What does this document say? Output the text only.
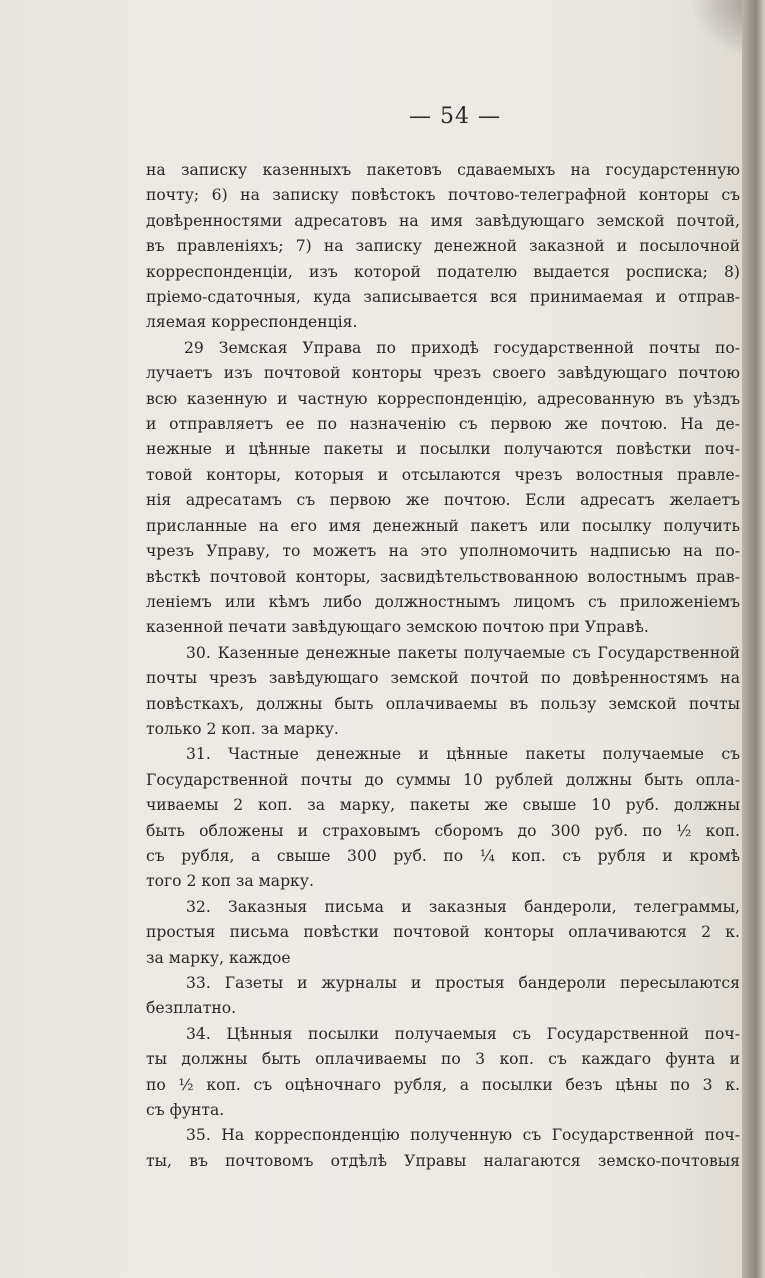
— 54 —
на записку казенныхъ пакетовъ сдаваемыхъ на государстенную
почту; 6) на записку повѣстокъ почтово-телеграфной конторы съ
довѣренностями адресатовъ на имя завѣдующаго земской почтой,
въ правленіяхъ; 7) на записку денежной заказной и посылочной
корреспонденціи, изъ которой подателю выдается росписка; 8)
пріемо-сдаточныя, куда записывается вся принимаемая и отправ-
ляемая корреспонденція.
29 Земская Управа по приходѣ государственной почты по-
лучаетъ изъ почтовой конторы чрезъ своего завѣдующаго почтою
всю казенную и частную корреспонденцію, адресованную въ уѣздъ
и отправляетъ ее по назначенію съ первою же почтою. На де-
нежные и цѣнные пакеты и посылки получаются повѣстки поч-
товой конторы, которыя и отсылаются чрезъ волостныя правле-
нія адресатамъ съ первою же почтою. Если адресатъ желаетъ
присланные на его имя денежный пакетъ или посылку получить
чрезъ Управу, то можетъ на это уполномочить надписью на по-
вѣсткѣ почтовой конторы, засвидѣтельствованною волостнымъ прав-
леніемъ или кѣмъ либо должностнымъ лицомъ съ приложеніемъ
казенной печати завѣдующаго земскою почтою при Управѣ.
30. Казенные денежные пакеты получаемые съ Государственной
почты чрезъ завѣдующаго земской почтой по довѣренностямъ на
повѣсткахъ, должны быть оплачиваемы въ пользу земской почты
только 2 коп. за марку.
31. Частные денежные и цѣнные пакеты получаемые съ
Государственной почты до суммы 10 рублей должны быть опла-
чиваемы 2 коп. за марку, пакеты же свыше 10 руб. должны
быть обложены и страховымъ сборомъ до 300 руб. по ½ коп.
съ рубля, а свыше 300 руб. по ¼ коп. съ рубля и кромѣ
того 2 коп за марку.
32. Заказныя письма и заказныя бандероли, телеграммы,
простыя письма повѣстки почтовой конторы оплачиваются 2 к.
за марку, каждое
33. Газеты и журналы и простыя бандероли пересылаются
безплатно.
34. Цѣнныя посылки получаемыя съ Государственной поч-
ты должны быть оплачиваемы по 3 коп. съ каждаго фунта и
по ½ коп. съ оцѣночнаго рубля, а посылки безъ цѣны по 3 к.
съ фунта.
35. На корреспонденцію полученную съ Государственной поч-
ты, въ почтовомъ отдѣлѣ Управы налагаются земско-почтовыя
